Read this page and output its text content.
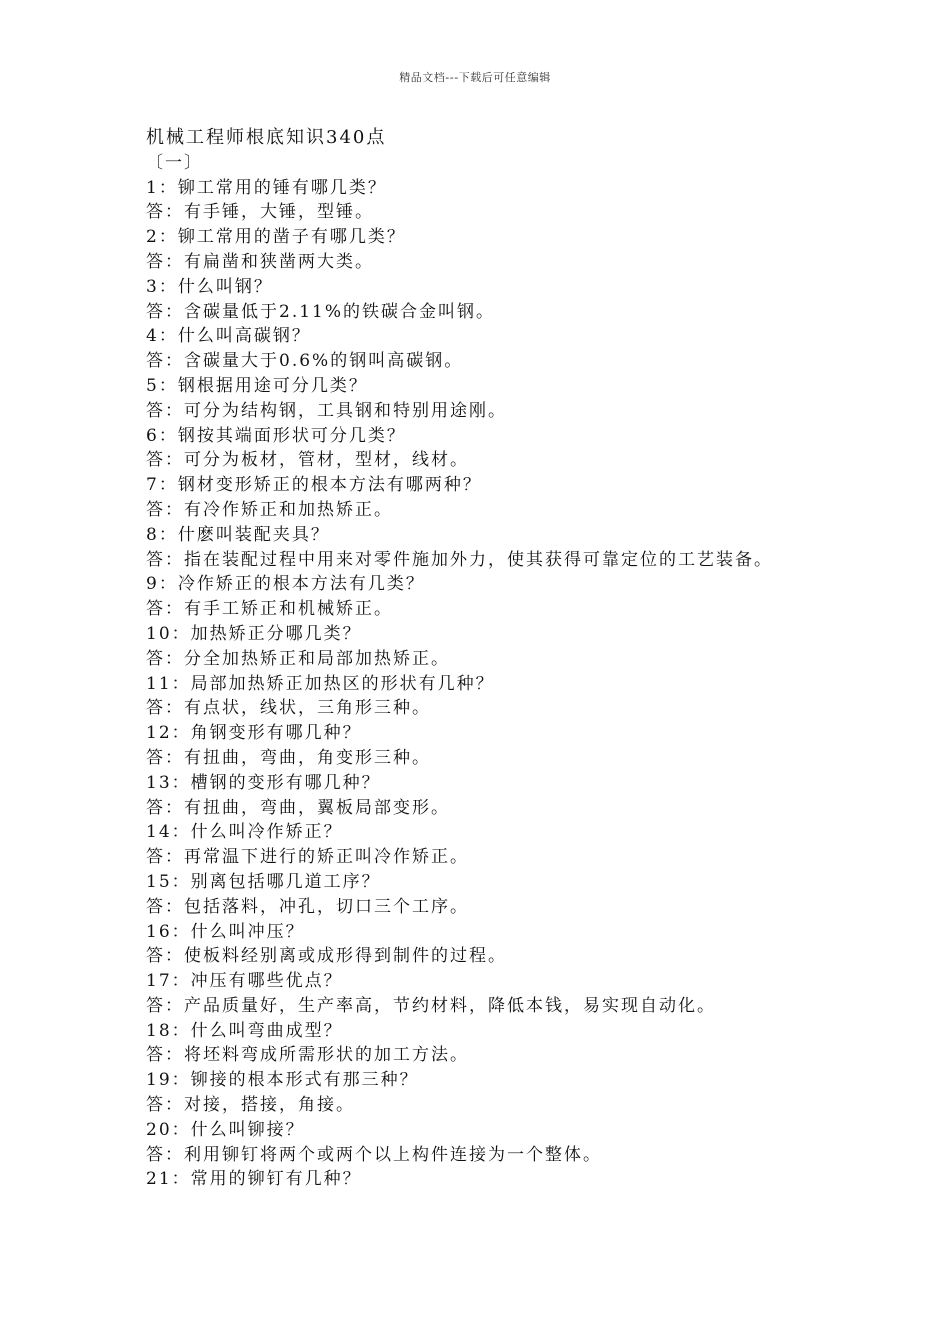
精品文档---下载后可任意编辑
机械工程师根底知识340点
〔一〕
1：铆工常用的锤有哪几类？
答：有手锤，大锤，型锤。
2：铆工常用的凿子有哪几类？
答：有扁凿和狭凿两大类。
3：什么叫钢？
答：含碳量低于2.11%的铁碳合金叫钢。
4：什么叫高碳钢？
答：含碳量大于0.6%的钢叫高碳钢。
5：钢根据用途可分几类？
答：可分为结构钢，工具钢和特别用途刚。
6：钢按其端面形状可分几类？
答：可分为板材，管材，型材，线材。
7：钢材变形矫正的根本方法有哪两种？
答：有冷作矫正和加热矫正。
8：什麽叫装配夹具？
答：指在装配过程中用来对零件施加外力，使其获得可靠定位的工艺装备。
9：冷作矫正的根本方法有几类？
答：有手工矫正和机械矫正。
10：加热矫正分哪几类？
答：分全加热矫正和局部加热矫正。
11：局部加热矫正加热区的形状有几种？
答：有点状，线状，三角形三种。
12：角钢变形有哪几种？
答：有扭曲，弯曲，角变形三种。
13：槽钢的变形有哪几种？
答：有扭曲，弯曲，翼板局部变形。
14：什么叫冷作矫正？
答：再常温下进行的矫正叫冷作矫正。
15：别离包括哪几道工序？
答：包括落料，冲孔，切口三个工序。
16：什么叫冲压？
答：使板料经别离或成形得到制件的过程。
17：冲压有哪些优点？
答：产品质量好，生产率高，节约材料，降低本钱，易实现自动化。
18：什么叫弯曲成型？
答：将坯料弯成所需形状的加工方法。
19：铆接的根本形式有那三种？
答：对接，搭接，角接。
20：什么叫铆接？
答：利用铆钉将两个或两个以上构件连接为一个整体。
21：常用的铆钉有几种？
